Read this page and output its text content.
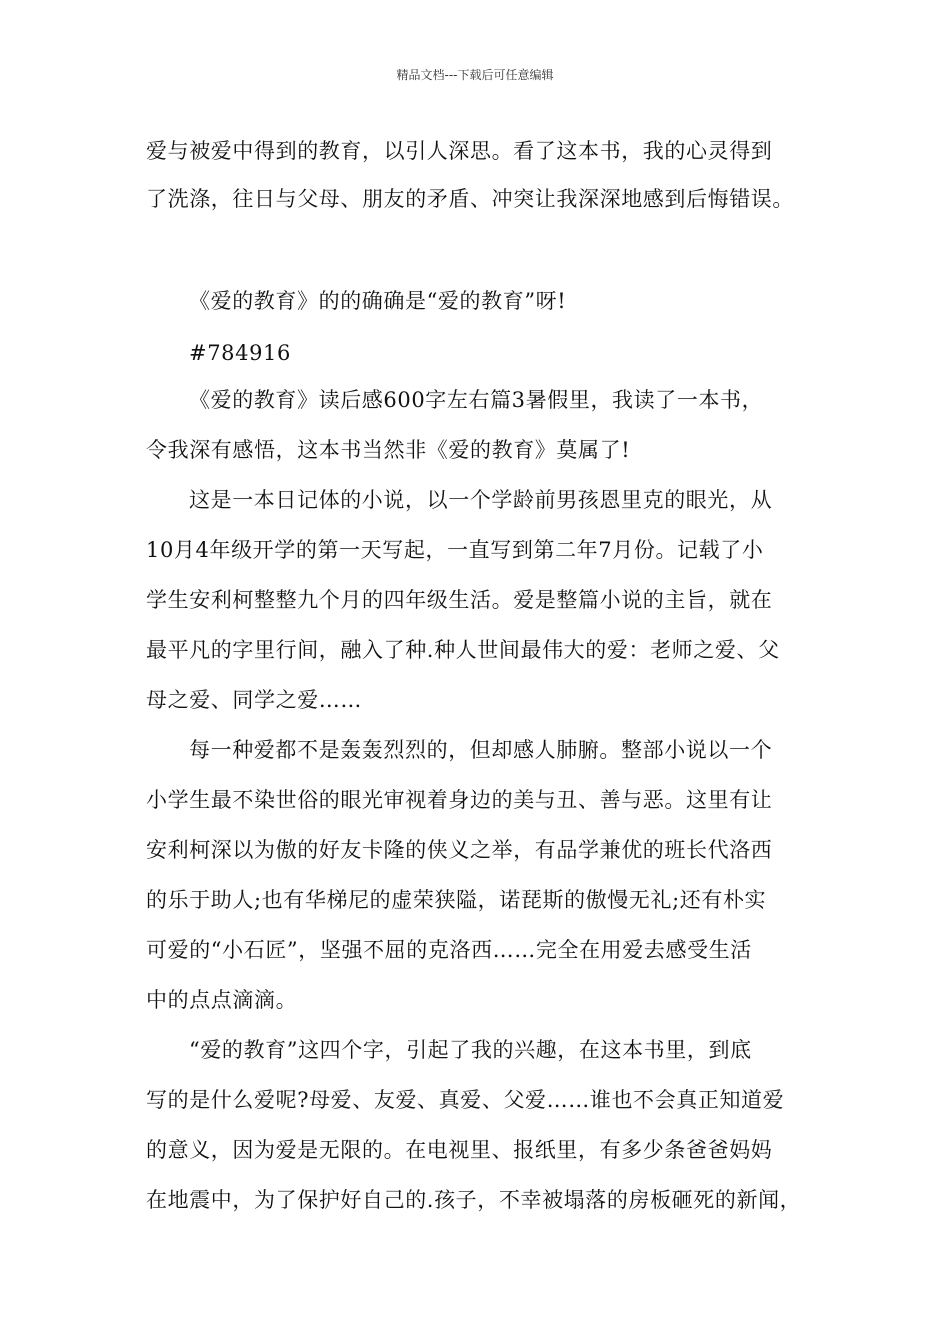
精品文档---下载后可任意编辑
爱与被爱中得到的教育，以引人深思。看了这本书，我的心灵得到
了洗涤，往日与父母、朋友的矛盾、冲突让我深深地感到后悔错误。
《爱的教育》的的确确是“爱的教育”呀!
#784916
《爱的教育》读后感600字左右篇3暑假里，我读了一本书，
令我深有感悟，这本书当然非《爱的教育》莫属了!
这是一本日记体的小说，以一个学龄前男孩恩里克的眼光，从
10月4年级开学的第一天写起，一直写到第二年7月份。记载了小
学生安利柯整整九个月的四年级生活。爱是整篇小说的主旨，就在
最平凡的字里行间，融入了种.种人世间最伟大的爱：老师之爱、父
母之爱、同学之爱……
每一种爱都不是轰轰烈烈的，但却感人肺腑。整部小说以一个
小学生最不染世俗的眼光审视着身边的美与丑、善与恶。这里有让
安利柯深以为傲的好友卡隆的侠义之举，有品学兼优的班长代洛西
的乐于助人;也有华梯尼的虚荣狭隘，诺琵斯的傲慢无礼;还有朴实
可爱的“小石匠”，坚强不屈的克洛西……完全在用爱去感受生活
中的点点滴滴。
“爱的教育”这四个字，引起了我的兴趣，在这本书里，到底
写的是什么爱呢?母爱、友爱、真爱、父爱……谁也不会真正知道爱
的意义，因为爱是无限的。在电视里、报纸里，有多少条爸爸妈妈
在地震中，为了保护好自己的.孩子，不幸被塌落的房板砸死的新闻，
